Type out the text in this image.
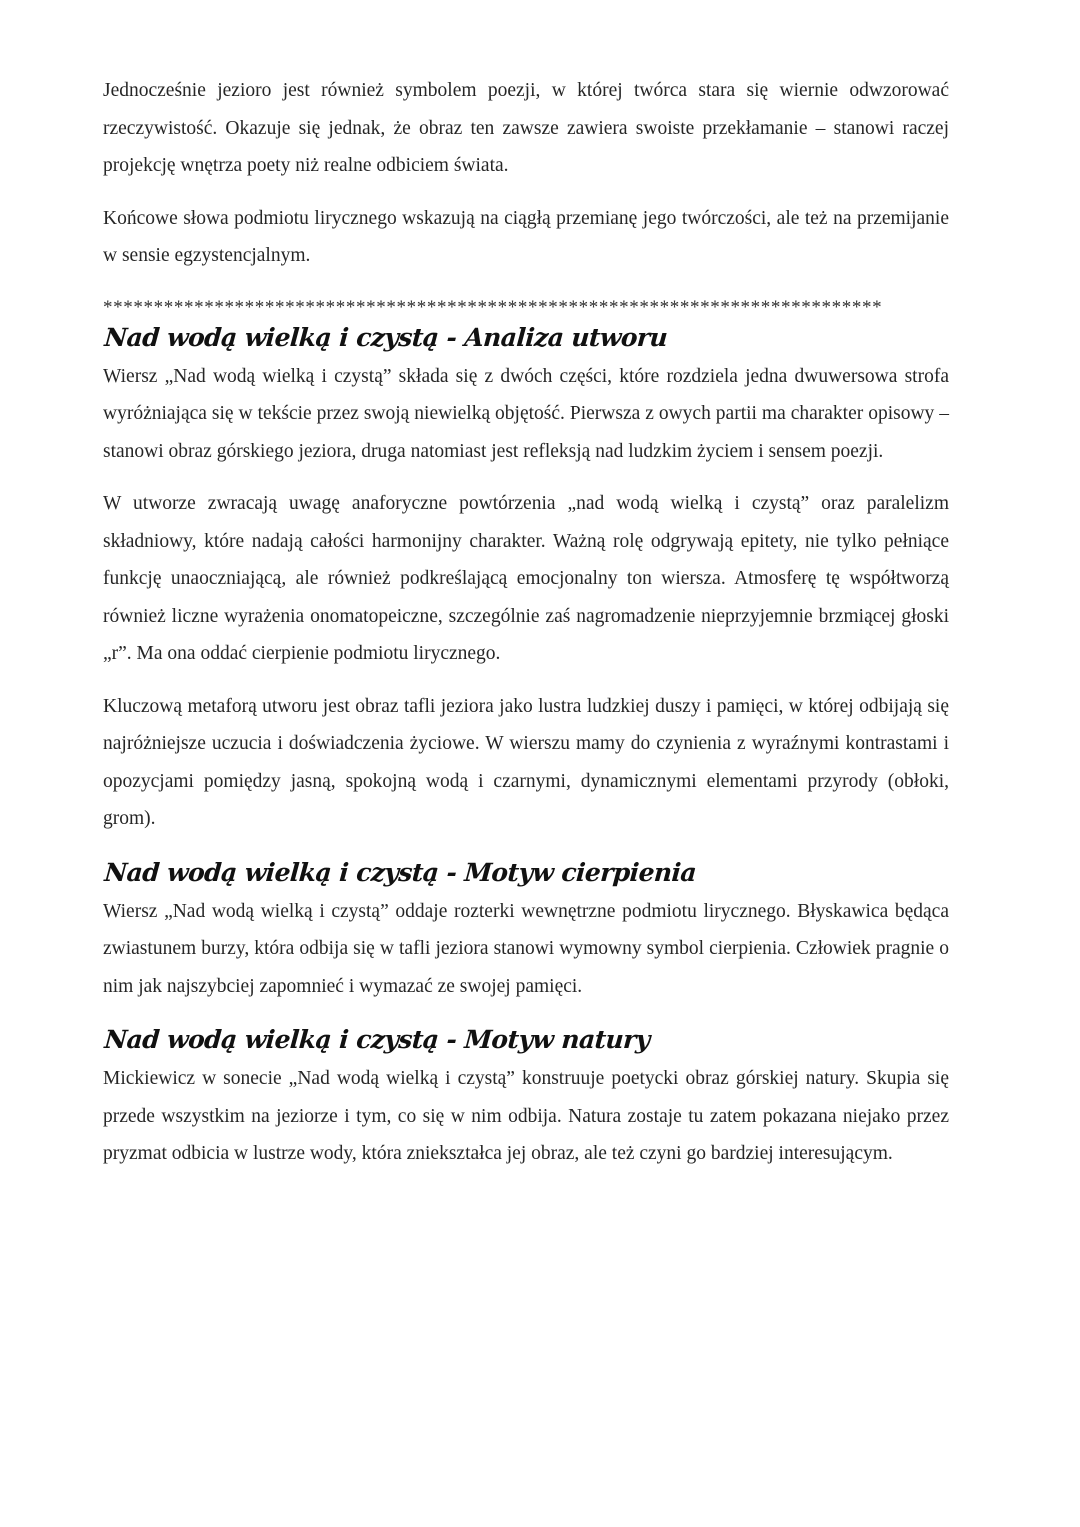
Jednocześnie jezioro jest również symbolem poezji, w której twórca stara się wiernie odwzorować rzeczywistość. Okazuje się jednak, że obraz ten zawsze zawiera swoiste przekłamanie – stanowi raczej projekcję wnętrza poety niż realne odbiciem świata.

Końcowe słowa podmiotu lirycznego wskazują na ciągłą przemianę jego twórczości, ale też na przemijanie w sensie egzystencjalnym.

*****************************************************************************
Nad wodą wielką i czystą - Analiza utworu

Wiersz „Nad wodą wielką i czystą” składa się z dwóch części, które rozdziela jedna dwuwersowa strofa wyróżniająca się w tekście przez swoją niewielką objętość. Pierwsza z owych partii ma charakter opisowy – stanowi obraz górskiego jeziora, druga natomiast jest refleksją nad ludzkim życiem i sensem poezji.

W utworze zwracają uwagę anaforyczne powtórzenia „nad wodą wielką i czystą” oraz paralelizm składniowy, które nadają całości harmonijny charakter. Ważną rolę odgrywają epitety, nie tylko pełniące funkcję unaoczniającą, ale również podkreślającą emocjonalny ton wiersza. Atmosferę tę współtworzą również liczne wyrażenia onomatopeiczne, szczególnie zaś nagromadzenie nieprzyjemnie brzmiącej głoski „r”. Ma ona oddać cierpienie podmiotu lirycznego.

Kluczową metaforą utworu jest obraz tafli jeziora jako lustra ludzkiej duszy i pamięci, w której odbijają się najróżniejsze uczucia i doświadczenia życiowe. W wierszu mamy do czynienia z wyraźnymi kontrastami i opozycjami pomiędzy jasną, spokojną wodą i czarnymi, dynamicznymi elementami przyrody (obłoki, grom).

Nad wodą wielką i czystą - Motyw cierpienia

Wiersz „Nad wodą wielką i czystą” oddaje rozterki wewnętrzne podmiotu lirycznego. Błyskawica będąca zwiastunem burzy, która odbija się w tafli jeziora stanowi wymowny symbol cierpienia. Człowiek pragnie o nim jak najszybciej zapomnieć i wymazać ze swojej pamięci.

Nad wodą wielką i czystą - Motyw natury

Mickiewicz w sonecie „Nad wodą wielką i czystą” konstruuje poetycki obraz górskiej natury. Skupia się przede wszystkim na jeziorze i tym, co się w nim odbija. Natura zostaje tu zatem pokazana niejako przez pryzmat odbicia w lustrze wody, która zniekształca jej obraz, ale też czyni go bardziej interesującym.
